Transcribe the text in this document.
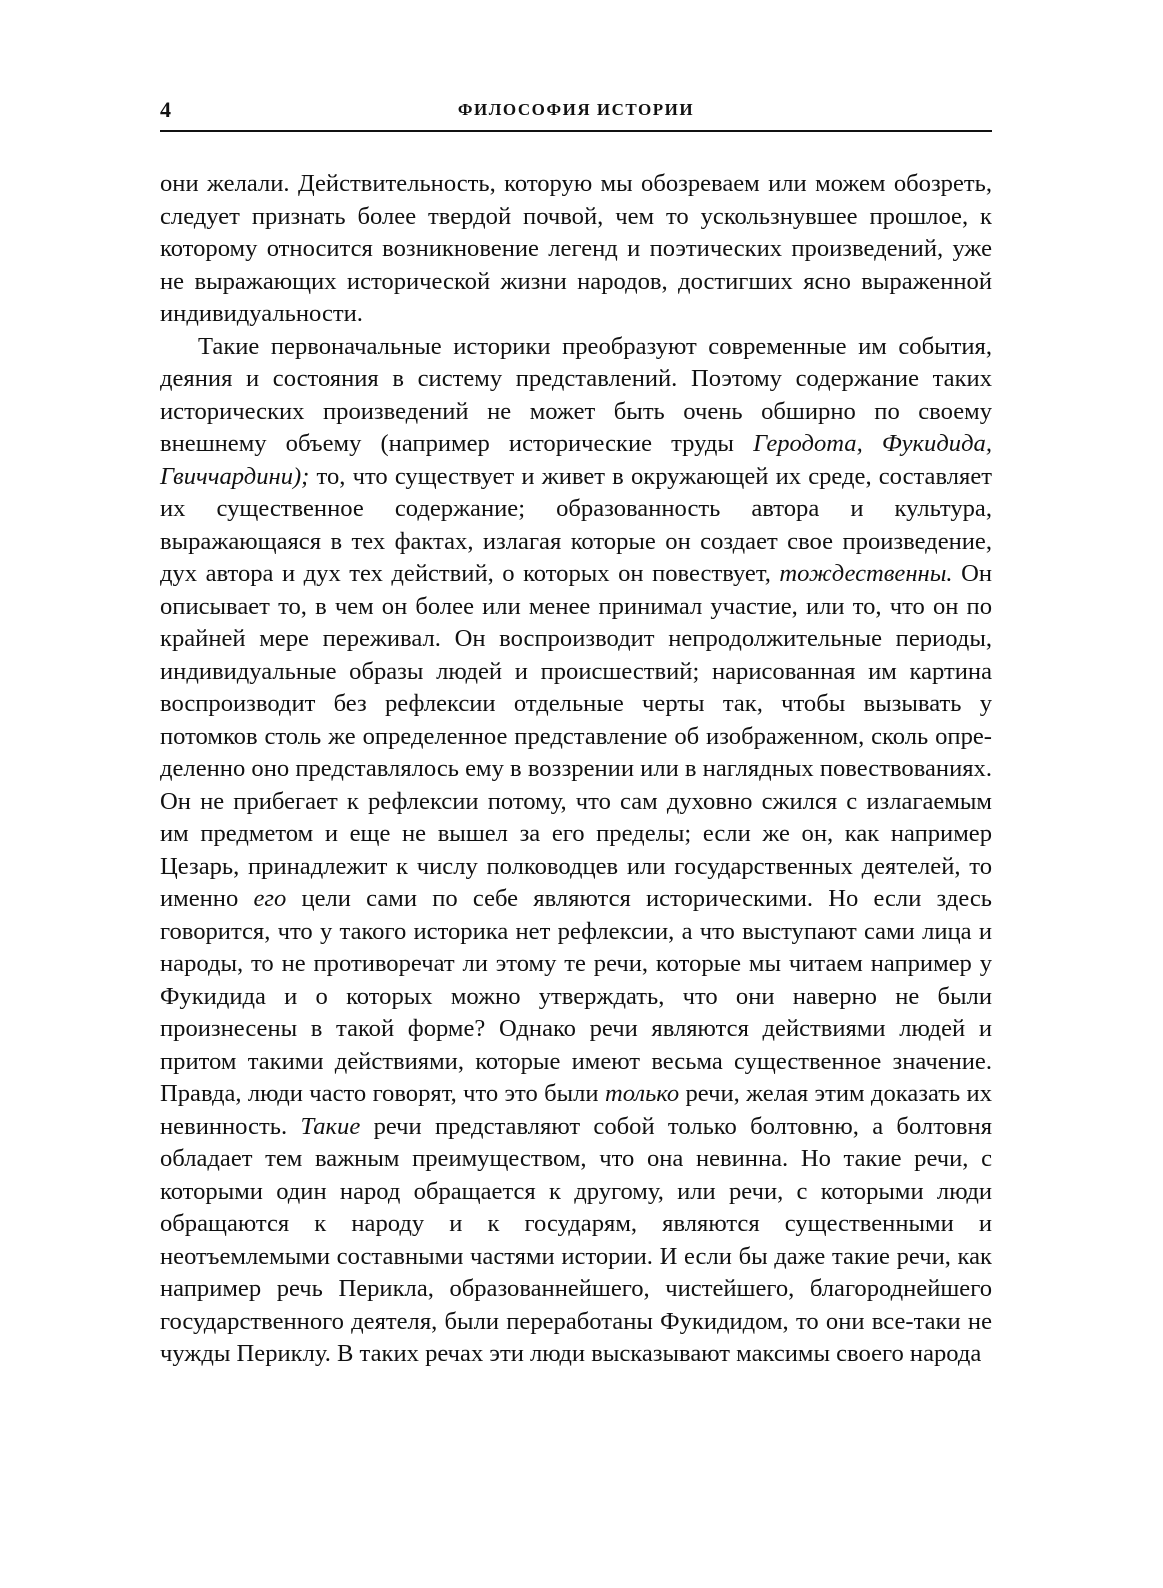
4	ФИЛОСОФИЯ ИСТОРИИ

они желали. Действительность, которую мы обозреваем или можем обозреть, следует признать более твердой почвой, чем то ускользнувшее прошлое, к которому относится возникновение легенд и поэтических произведений, уже не выражающих исторической жизни народов, достигших ясно выраженной индивидуальности.

Такие первоначальные историки преобразуют современные им события, деяния и состояния в систему представлений. Поэтому содержание таких исторических произведений не может быть очень обширно по своему внешнему объему (например исторические труды Геродота, Фукидида, Гвиччардини); то, что существует и живет в окружающей их среде, составляет их существенное содержание; образованность автора и культура, выражающаяся в тех фактах, излагая которые он создает свое произведение, дух автора и дух тех действий, о которых он повествует, тождественны. Он описывает то, в чем он более или менее принимал участие, или то, что он по крайней мере переживал. Он воспроизводит непродолжительные периоды, индивидуальные образы людей и происшествий; нарисованная им картина воспроизводит без рефлексии отдельные черты так, чтобы вызывать у потомков столь же определенное представление об изображенном, сколь определенно оно представлялось ему в воззрении или в наглядных повествованиях. Он не прибегает к рефлексии потому, что сам духовно сжился с излагаемым им предметом и еще не вышел за его пределы; если же он, как например Цезарь, принадлежит к числу полководцев или государственных деятелей, то именно его цели сами по себе являются историческими. Но если здесь говорится, что у такого историка нет рефлексии, а что выступают сами лица и народы, то не противоречат ли этому те речи, которые мы читаем например у Фукидида и о которых можно утверждать, что они наверно не были произнесены в такой форме? Однако речи являются действиями людей и притом такими действиями, которые имеют весьма существенное значение. Правда, люди часто говорят, что это были только речи, желая этим доказать их невинность. Такие речи представляют собой только болтовню, а болтовня обладает тем важным преимуществом, что она невинна. Но такие речи, с которыми один народ обращается к другому, или речи, с которыми люди обращаются к народу и к государям, являются существенными и неотъемлемыми составными частями истории. И если бы даже такие речи, как например речь Перикла, образованнейшего, чистейшего, благороднейшего государственного деятеля, были переработаны Фукидидом, то они все-таки не чужды Периклу. В таких речах эти люди высказывают максимы своего народа
